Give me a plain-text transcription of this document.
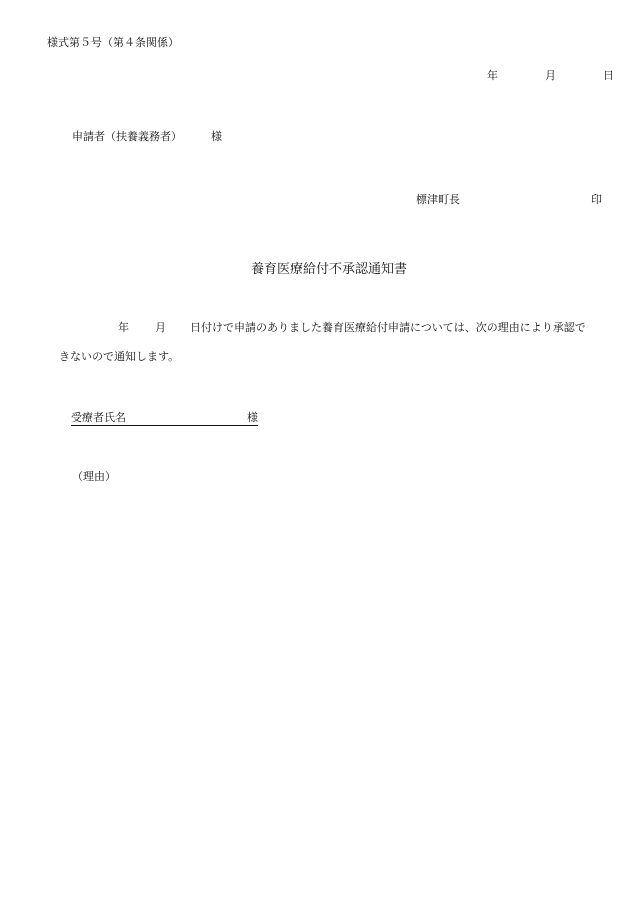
様式第５号（第４条関係）
年	月	日
申請者（扶養義務者）	様
標津町長	印
養育医療給付不承認通知書
年 月 日付けで申請のありました養育医療給付申請については、次の理由により承認で
きないので通知します。
受療者氏名	様
（理由）
